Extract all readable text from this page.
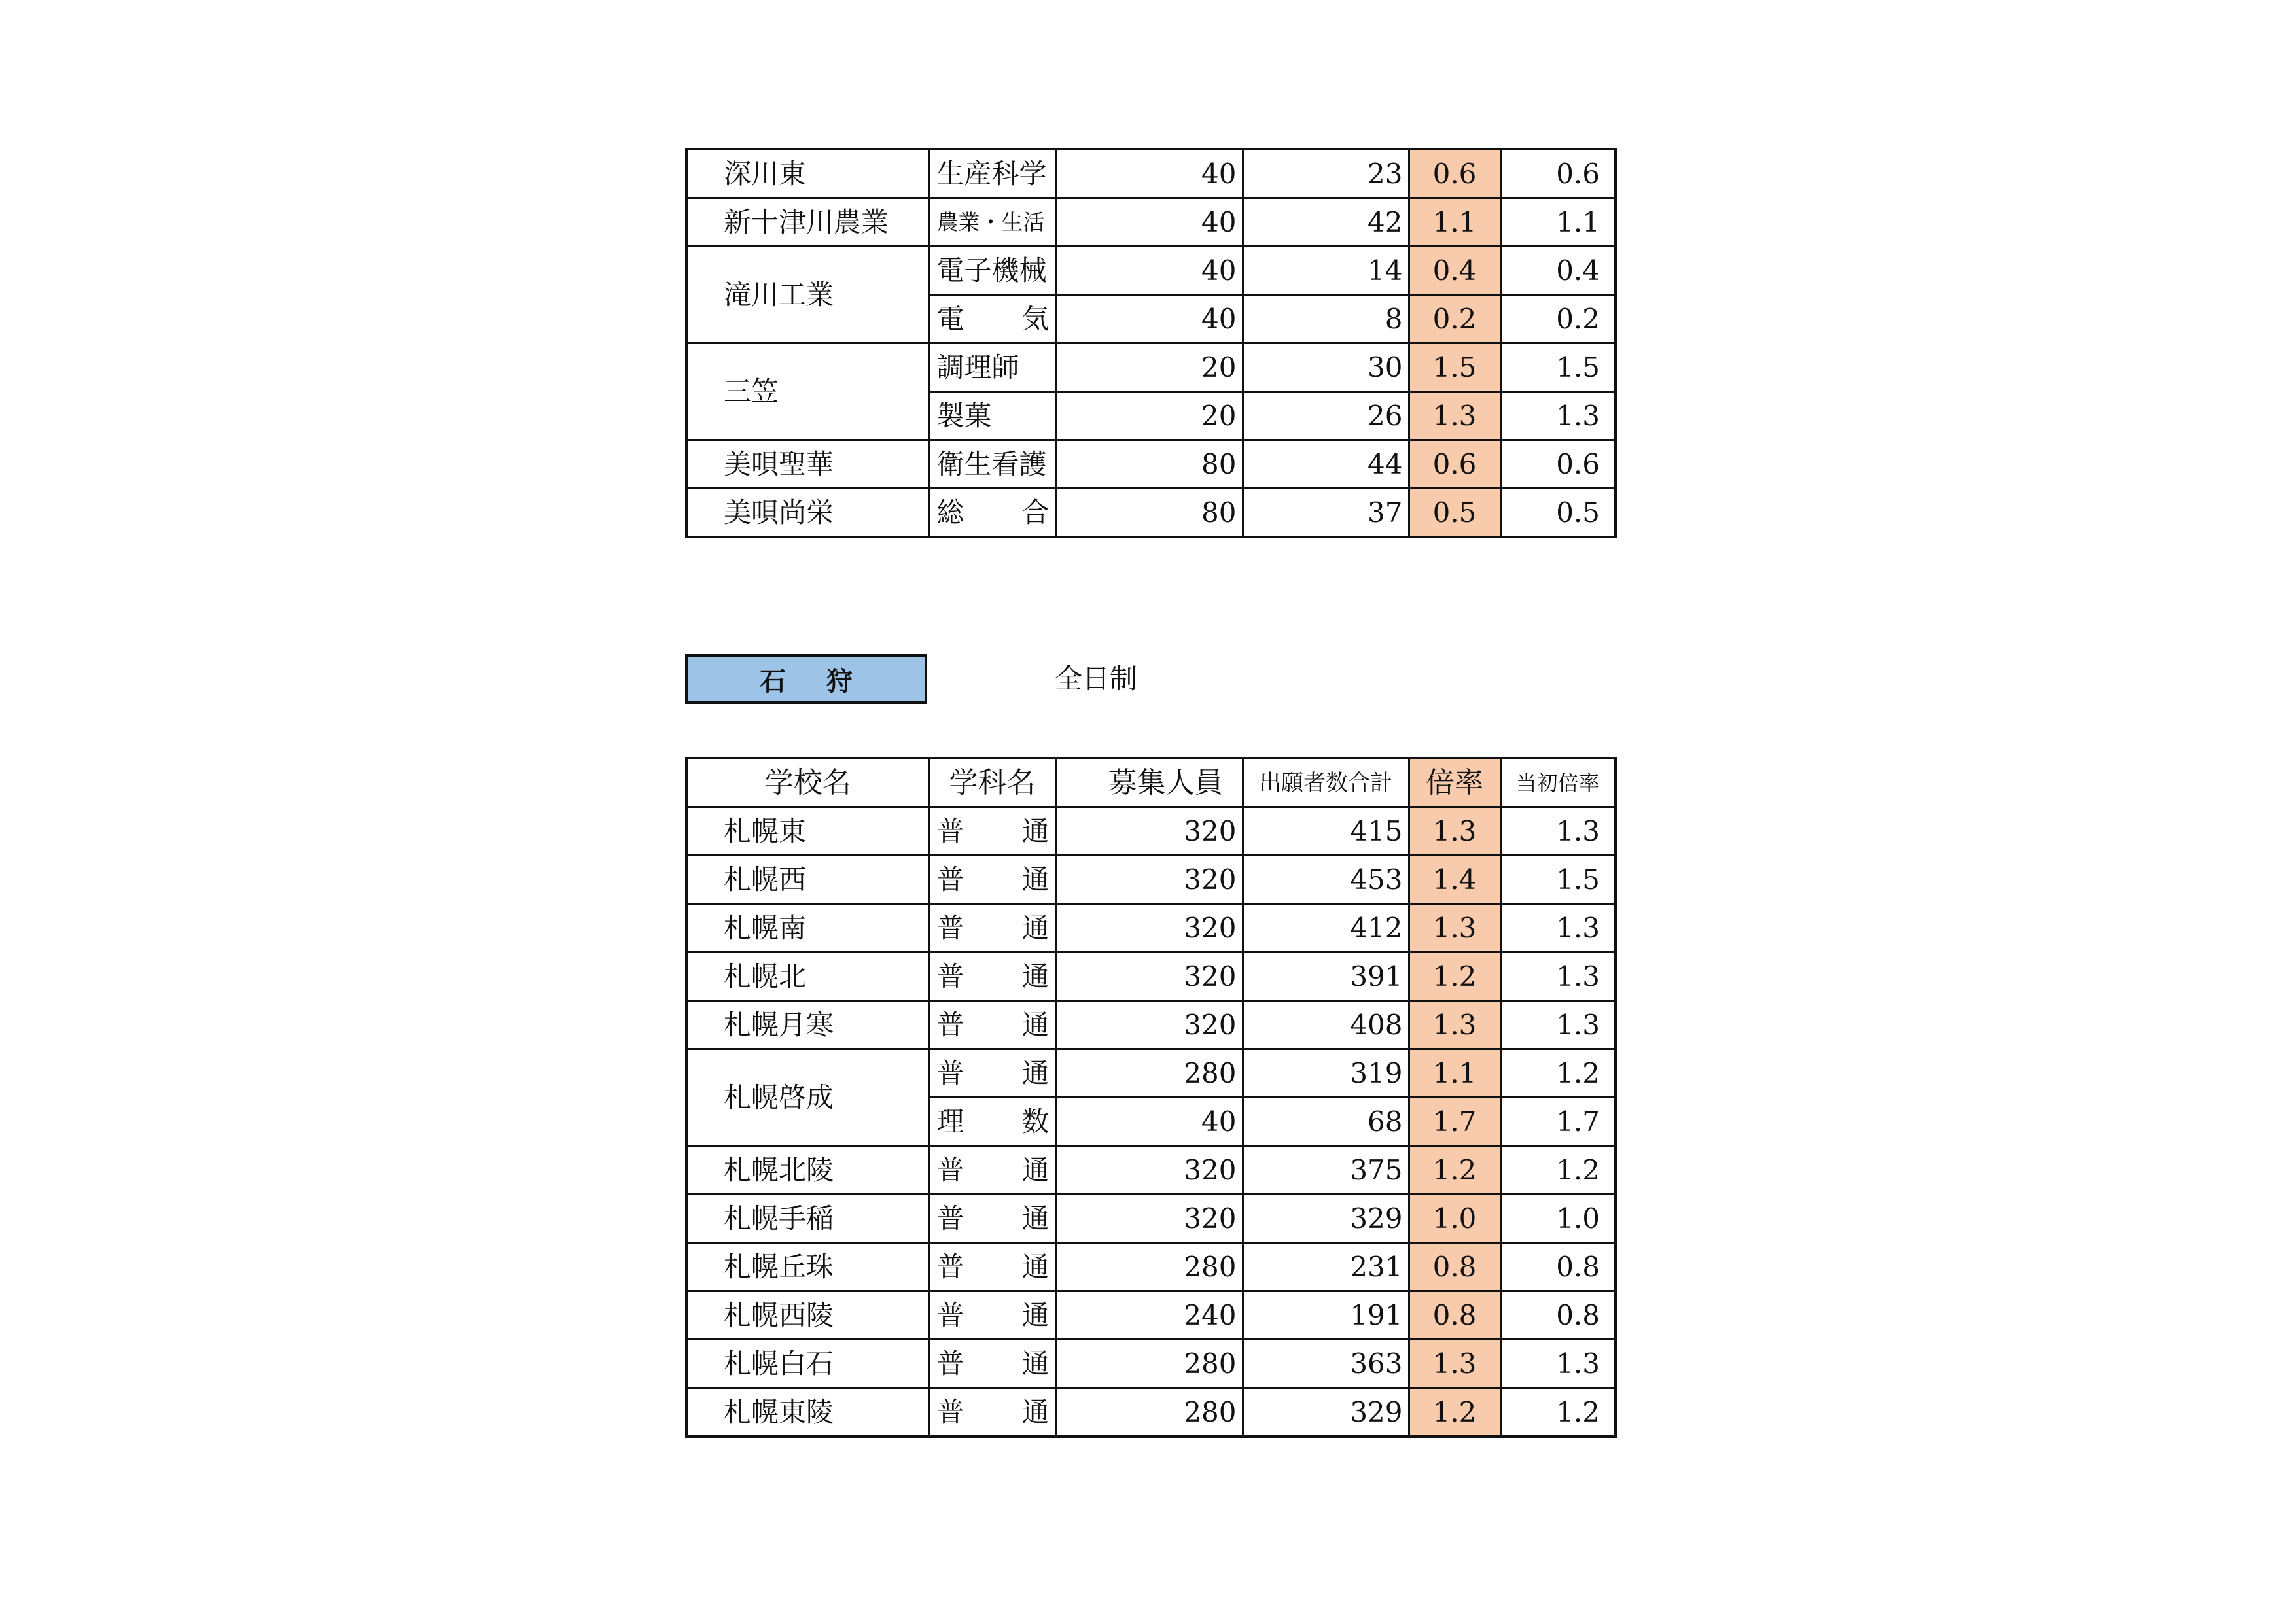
深川東	生産科学	40	23	0.6	0.6
新十津川農業	農業・生活	40	42	1.1	1.1
滝川工業	電子機械	40	14	0.4	0.4
	電気	40	8	0.2	0.2
三笠	調理師	20	30	1.5	1.5
	製菓	20	26	1.3	1.3
美唄聖華	衛生看護	80	44	0.6	0.6
美唄尚栄	総合	80	37	0.5	0.5
石狩	全日制
学校名	学科名	募集人員	出願者数合計	倍率	当初倍率
札幌東	普通	320	415	1.3	1.3
札幌西	普通	320	453	1.4	1.5
札幌南	普通	320	412	1.3	1.3
札幌北	普通	320	391	1.2	1.3
札幌月寒	普通	320	408	1.3	1.3
札幌啓成	普通	280	319	1.1	1.2
	理数	40	68	1.7	1.7
札幌北陵	普通	320	375	1.2	1.2
札幌手稲	普通	320	329	1.0	1.0
札幌丘珠	普通	280	231	0.8	0.8
札幌西陵	普通	240	191	0.8	0.8
札幌白石	普通	280	363	1.3	1.3
札幌東陵	普通	280	329	1.2	1.2
